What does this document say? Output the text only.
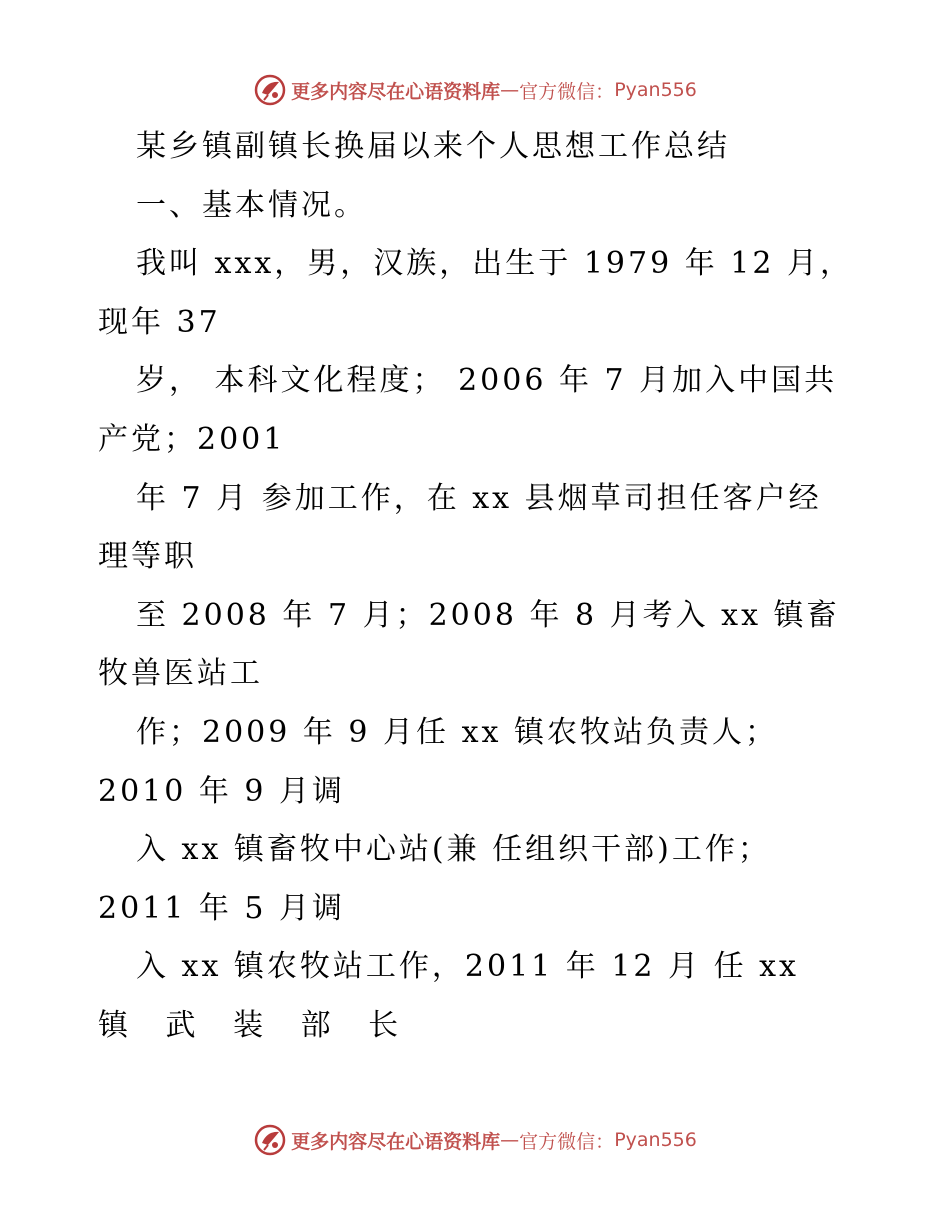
更多内容尽在心语资料库 — 官方微信： Pyan556
某乡镇副镇长换届以来个人思想工作总结
一、基本情况。
我叫 xxx，男，汉族，出生于 1979 年 12 月，
现年 37
岁， 本科文化程度； 2006 年 7 月加入中国共
产党；2001
年 7 月 参加工作，在 xx 县烟草司担任客户经
理等职
至 2008 年 7 月；2008 年 8 月考入 xx 镇畜
牧兽医站工
作；2009 年 9 月任 xx 镇农牧站负责人；
2010 年 9 月调
入 xx 镇畜牧中心站(兼 任组织干部)工作；
2011 年 5 月调
入 xx 镇农牧站工作，2011 年 12 月 任 xx
镇 武 装 部 长
更多内容尽在心语资料库 — 官方微信： Pyan556
